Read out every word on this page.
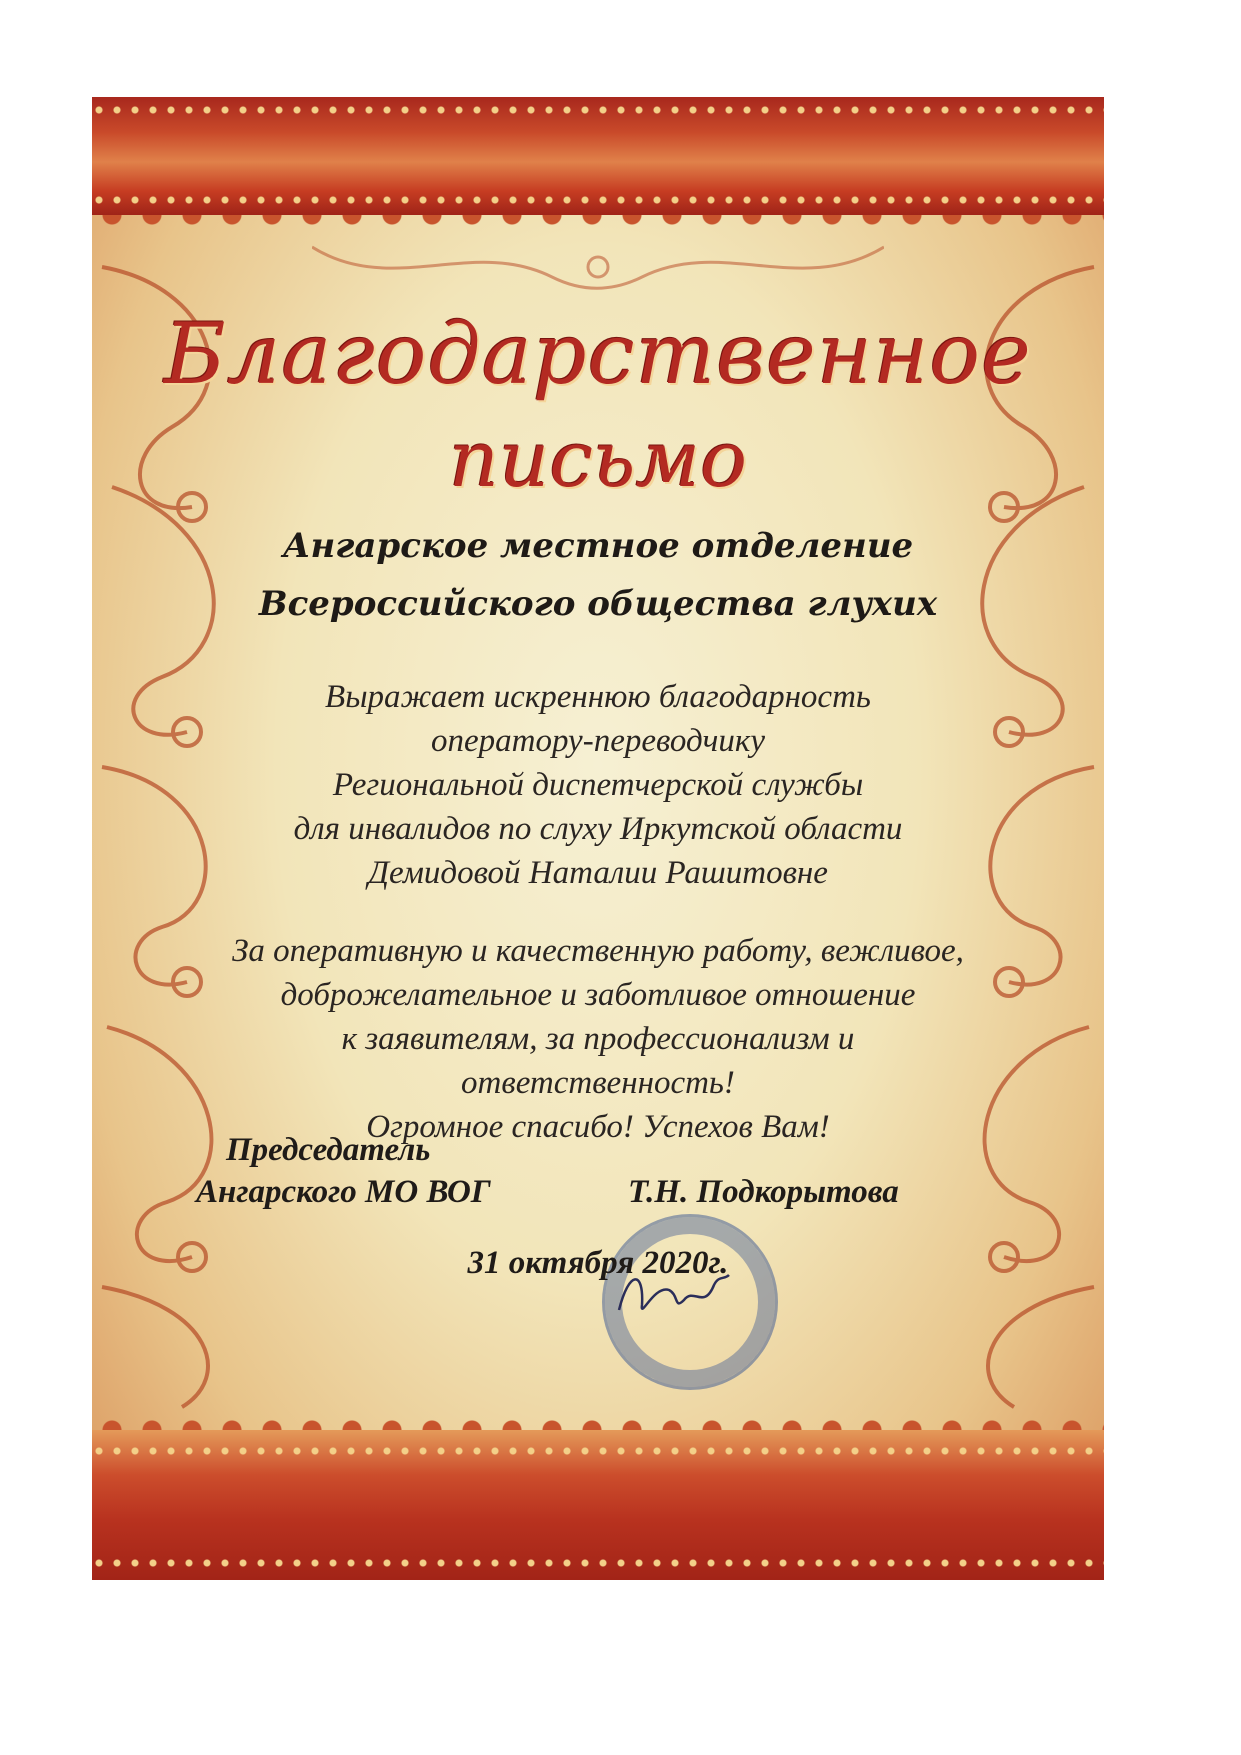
Благодарственное
письмо
Ангарское местное отделение
Всероссийского общества глухих
Выражает искреннюю благодарность
оператору-переводчику
Региональной диспетчерской службы
для инвалидов по слуху Иркутской области
Демидовой Наталии Рашитовне
За оперативную и качественную работу, вежливое,
доброжелательное и заботливое отношение
к заявителям, за профессионализм и
ответственность!
Огромное спасибо! Успехов Вам!
Председатель
Ангарского МО ВОГ	Т.Н. Подкорытова
31 октября 2020г.
